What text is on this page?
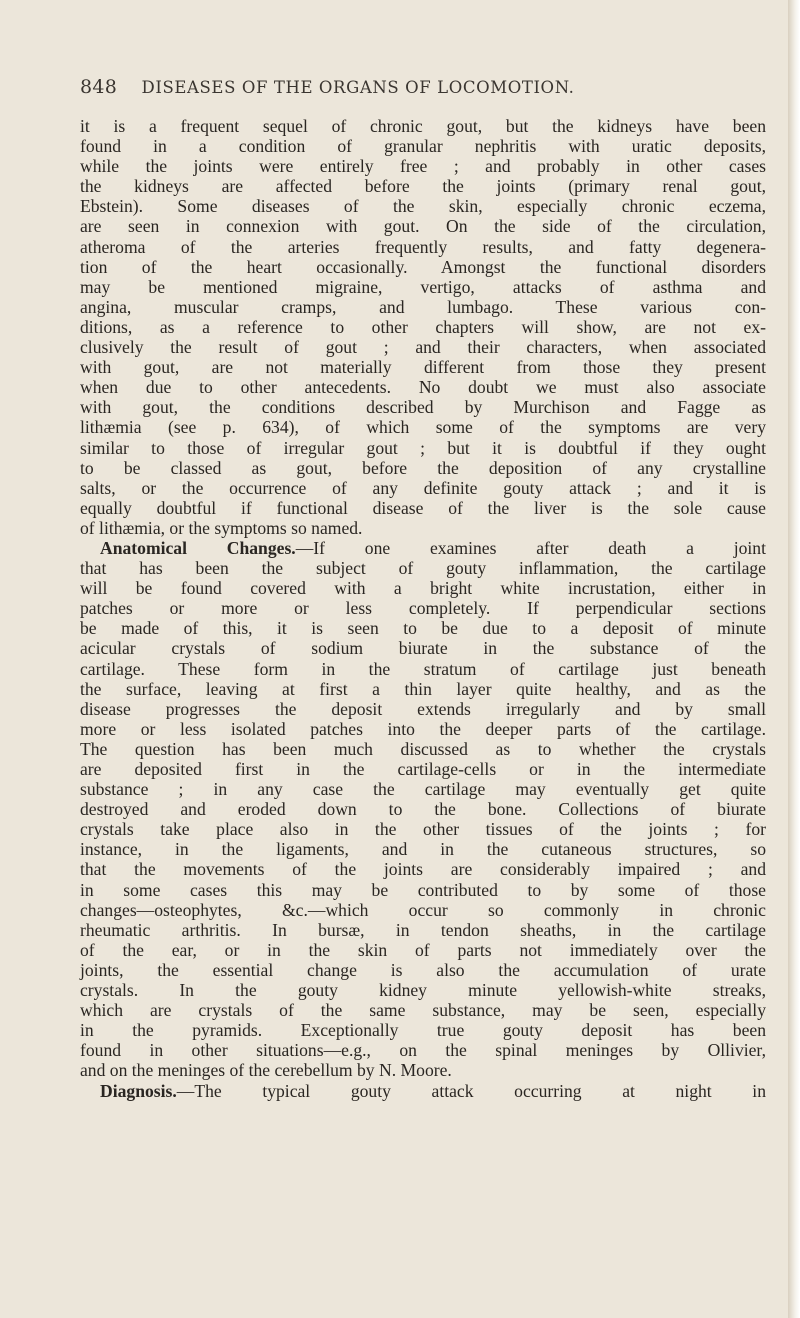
848 DISEASES OF THE ORGANS OF LOCOMOTION.
it is a frequent sequel of chronic gout, but the kidneys have been
found in a condition of granular nephritis with uratic deposits,
while the joints were entirely free ; and probably in other cases
the kidneys are affected before the joints (primary renal gout,
Ebstein). Some diseases of the skin, especially chronic eczema,
are seen in connexion with gout. On the side of the circulation,
atheroma of the arteries frequently results, and fatty degenera-
tion of the heart occasionally. Amongst the functional disorders
may be mentioned migraine, vertigo, attacks of asthma and
angina, muscular cramps, and lumbago. These various con-
ditions, as a reference to other chapters will show, are not ex-
clusively the result of gout ; and their characters, when associated
with gout, are not materially different from those they present
when due to other antecedents. No doubt we must also associate
with gout, the conditions described by Murchison and Fagge as
lithæmia (see p. 634), of which some of the symptoms are very
similar to those of irregular gout ; but it is doubtful if they ought
to be classed as gout, before the deposition of any crystalline
salts, or the occurrence of any definite gouty attack ; and it is
equally doubtful if functional disease of the liver is the sole cause
of lithæmia, or the symptoms so named.
Anatomical Changes.—If one examines after death a joint
that has been the subject of gouty inflammation, the cartilage
will be found covered with a bright white incrustation, either in
patches or more or less completely. If perpendicular sections
be made of this, it is seen to be due to a deposit of minute
acicular crystals of sodium biurate in the substance of the
cartilage. These form in the stratum of cartilage just beneath
the surface, leaving at first a thin layer quite healthy, and as the
disease progresses the deposit extends irregularly and by small
more or less isolated patches into the deeper parts of the cartilage.
The question has been much discussed as to whether the crystals
are deposited first in the cartilage-cells or in the intermediate
substance ; in any case the cartilage may eventually get quite
destroyed and eroded down to the bone. Collections of biurate
crystals take place also in the other tissues of the joints ; for
instance, in the ligaments, and in the cutaneous structures, so
that the movements of the joints are considerably impaired ; and
in some cases this may be contributed to by some of those
changes—osteophytes, &c.—which occur so commonly in chronic
rheumatic arthritis. In bursæ, in tendon sheaths, in the cartilage
of the ear, or in the skin of parts not immediately over the
joints, the essential change is also the accumulation of urate
crystals. In the gouty kidney minute yellowish-white streaks,
which are crystals of the same substance, may be seen, especially
in the pyramids. Exceptionally true gouty deposit has been
found in other situations—e.g., on the spinal meninges by Ollivier,
and on the meninges of the cerebellum by N. Moore.
Diagnosis.—The typical gouty attack occurring at night in
